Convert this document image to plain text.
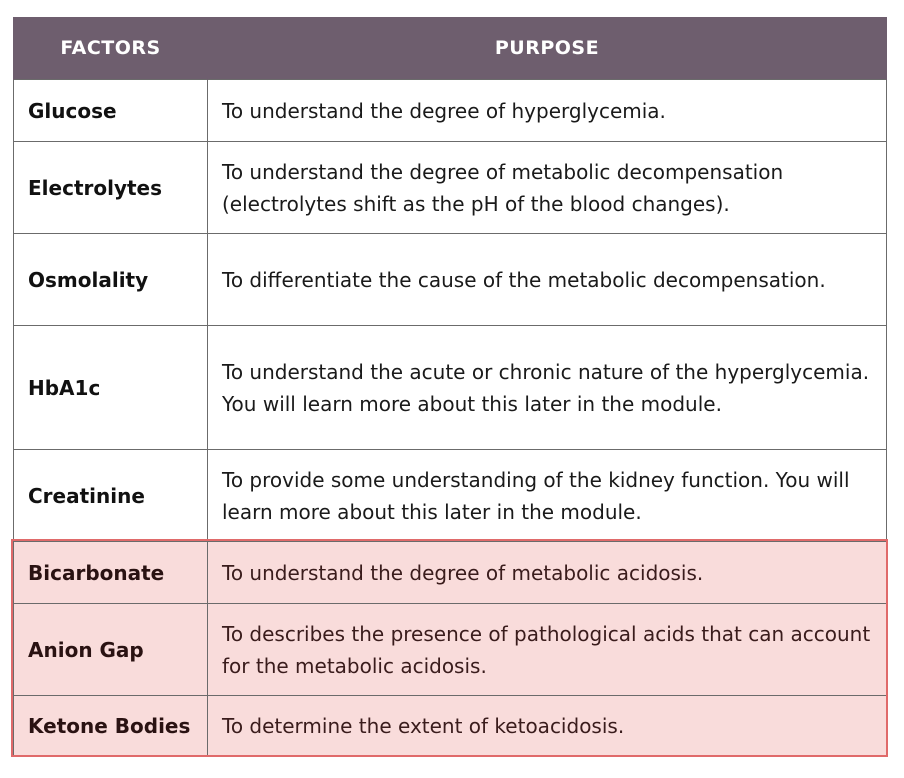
FACTORS	PURPOSE
Glucose	To understand the degree of hyperglycemia.
Electrolytes	To understand the degree of metabolic decompensation (electrolytes shift as the pH of the blood changes).
Osmolality	To differentiate the cause of the metabolic decompensation.
HbA1c	To understand the acute or chronic nature of the hyperglycemia. You will learn more about this later in the module.
Creatinine	To provide some understanding of the kidney function. You will learn more about this later in the module.
Bicarbonate	To understand the degree of metabolic acidosis.
Anion Gap	To describes the presence of pathological acids that can account for the metabolic acidosis.
Ketone Bodies	To determine the extent of ketoacidosis.
